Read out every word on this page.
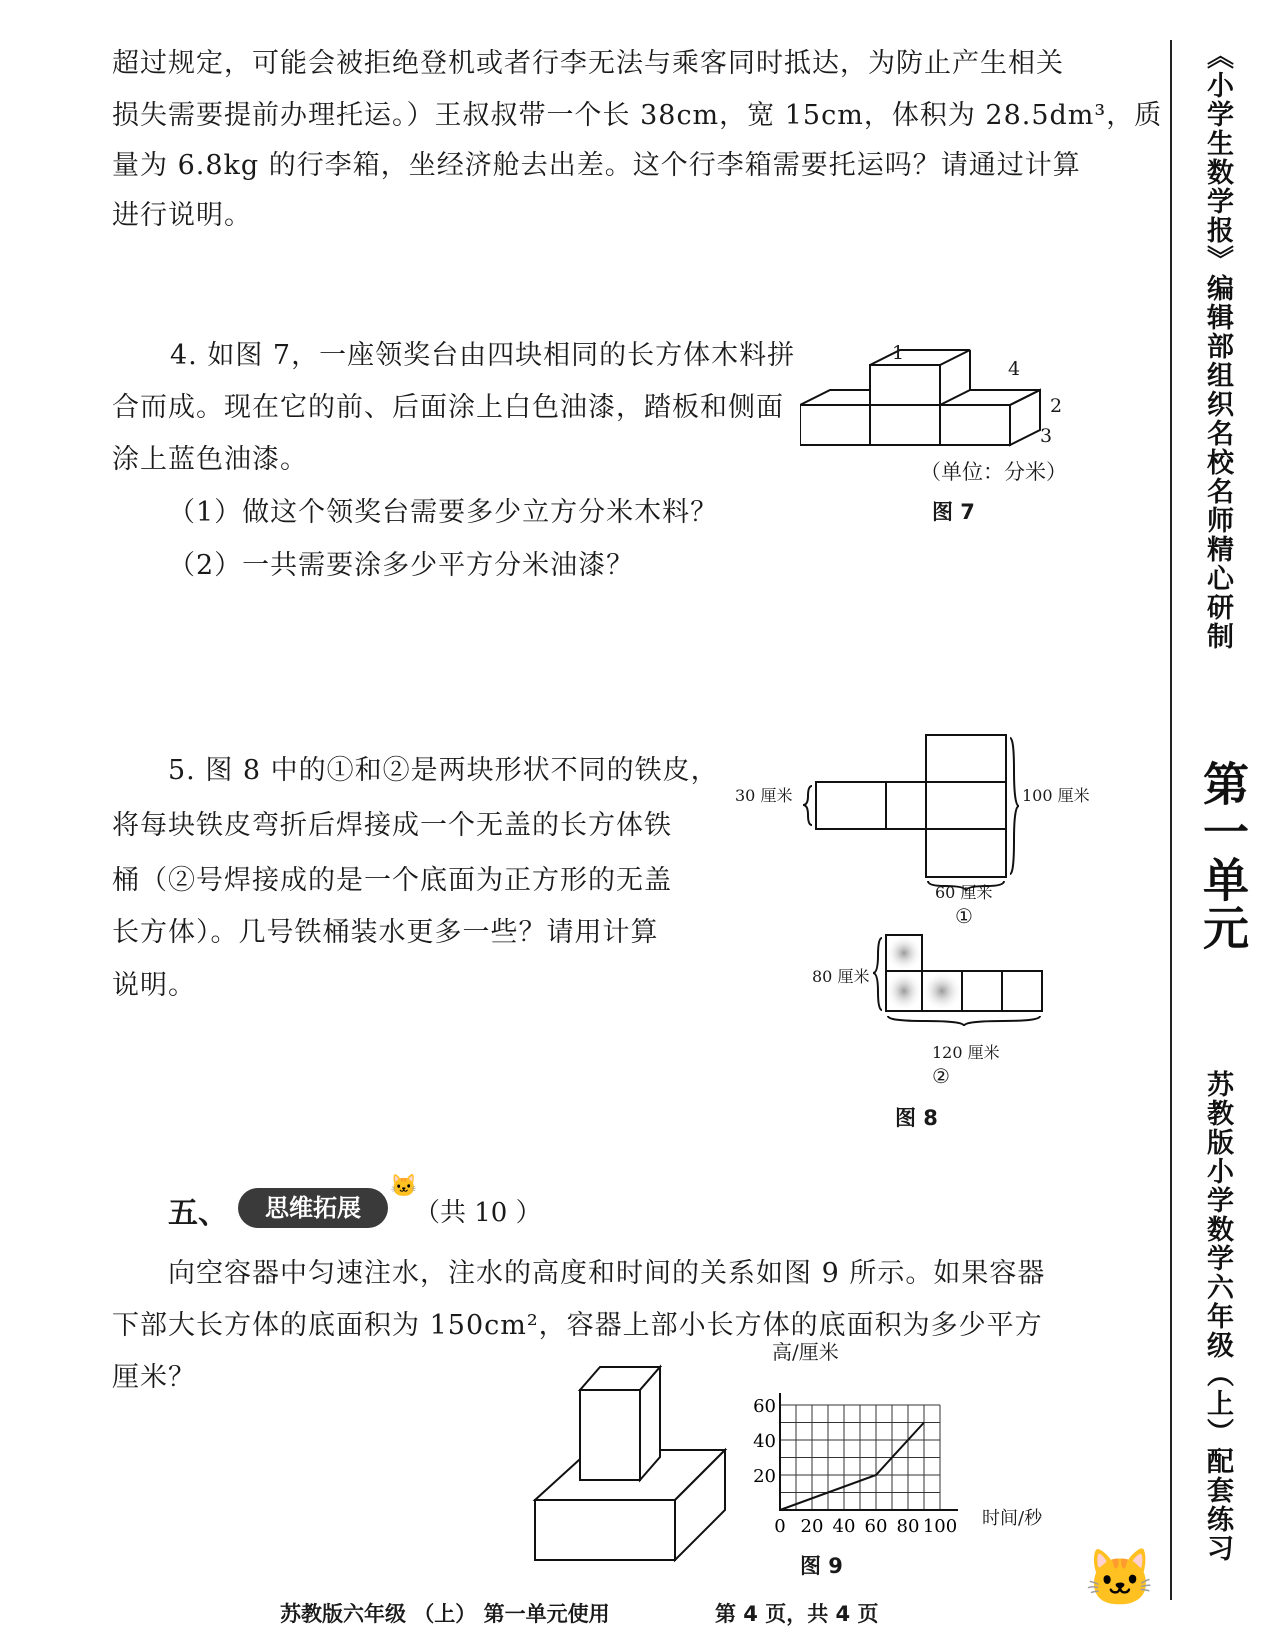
超过规定，可能会被拒绝登机或者行李无法与乘客同时抵达，为防止产生相关
损失需要提前办理托运。）王叔叔带一个长 38cm，宽 15cm，体积为 28.5dm³，质
量为 6.8kg 的行李箱，坐经济舱去出差。这个行李箱需要托运吗？请通过计算
进行说明。
4. 如图 7，一座领奖台由四块相同的长方体木料拼
合而成。现在它的前、后面涂上白色油漆，踏板和侧面
涂上蓝色油漆。
（1）做这个领奖台需要多少立方分米木料？
（2）一共需要涂多少平方分米油漆？
1
4
2
3
（单位：分米）
图 7
5. 图 8 中的①和②是两块形状不同的铁皮，
将每块铁皮弯折后焊接成一个无盖的长方体铁
桶（②号焊接成的是一个底面为正方形的无盖
长方体）。几号铁桶装水更多一些？请用计算
说明。
30 厘米	100 厘米
60 厘米
①
80 厘米
120 厘米
②
图 8
五、	思维拓展
🐱
（共 10 ）
向空容器中匀速注水，注水的高度和时间的关系如图 9 所示。如果容器
下部大长方体的底面积为 150cm²，容器上部小长方体的底面积为多少平方
厘米？
0 20 40 60 80 100
20
40
60
高/厘米
时间/秒
图 9
《小学生数学报》编辑部组织名校名师精心研制
第一单元
苏教版小学数学六年级（上）配套练习
🐱
苏教版六年级 （上） 第一单元使用	第 4 页，共 4 页
